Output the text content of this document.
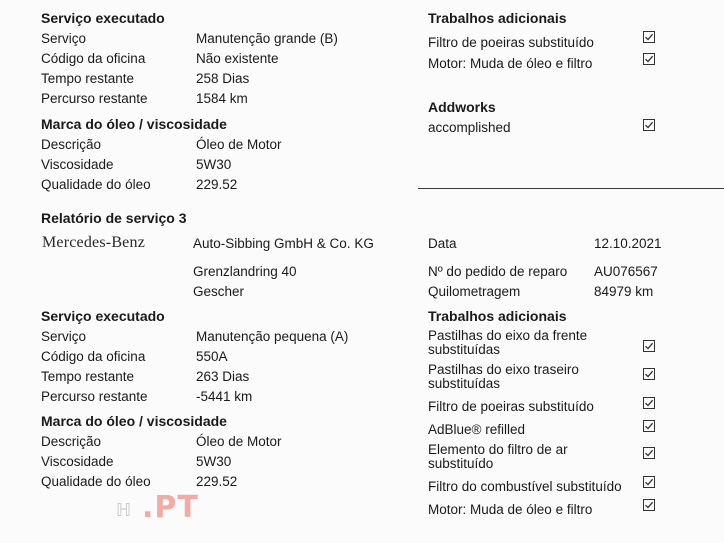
Serviço executado
Serviço	Manutenção grande (B)
Código da oficina	Não existente
Tempo restante	258 Dias
Percurso restante	1584 km
Marca do óleo / viscosidade
Descrição	Óleo de Motor
Viscosidade	5W30
Qualidade do óleo	229.52
Trabalhos adicionais
Filtro de poeiras substituído
Motor: Muda de óleo e filtro
Addworks
accomplished
Relatório de serviço 3
Mercedes-Benz	Auto-Sibbing GmbH & Co. KG
Grenzlandring 40
Gescher
Data	12.10.2021
Nº do pedido de reparo AU076567
Quilometragem	84979 km
Serviço executado
Serviço	Manutenção pequena (A)
Código da oficina	550A
Tempo restante	263 Dias
Percurso restante	-5441 km
Marca do óleo / viscosidade
Descrição	Óleo de Motor
Viscosidade	5W30
Qualidade do óleo	229.52
Trabalhos adicionais
Pastilhas do eixo da frente substituídas
Pastilhas do eixo traseiro substituídas
Filtro de poeiras substituído
AdBlue® refilled
Elemento do filtro de ar substituído
Filtro do combustível substituído
Motor: Muda de óleo e filtro
ℍ .PT
